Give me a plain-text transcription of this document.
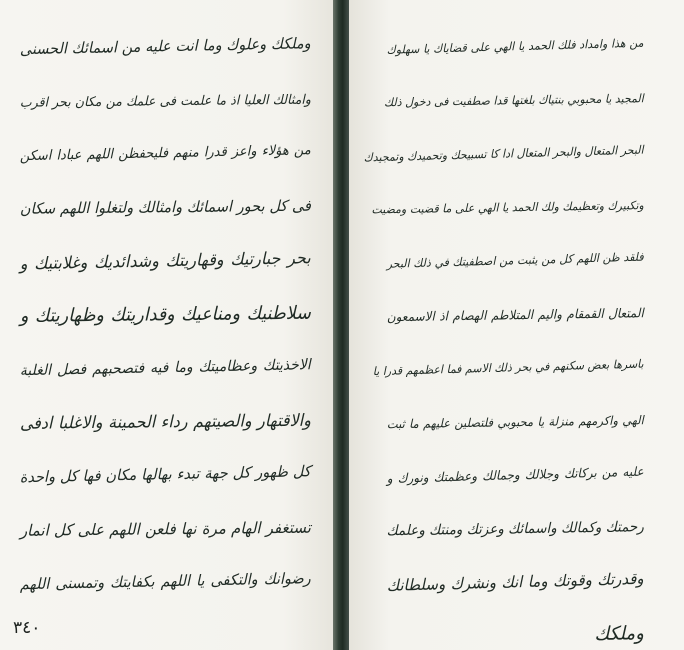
وملكك وعلوك وما انت عليه من اسمائك الحسنى
وامثالك العليا اذ ما علمت فى علمك من مكان بحر اقرب
من هؤلاء واعز قدرا منهم فليحفظن اللهم عبادا اسكن
فى كل بحور اسمائك وامثالك ولتغلوا اللهم سكان
بحر جبارتيك وقهاريتك وشدائديك وغلابتيك و
سلاطنيك ومناعيك وقداريتك وظهاريتك و
الاخذيتك وعظاميتك وما فيه فتصحبهم فصل الغلبة
والاقتهار والصيتهم رداء الحمينة والاغلبا ادفى
كل ظهور كل جهة تبدء بهالها مكان فها كل واحدة
تستغفر الهام مرة نها فلعن اللهم على كل انمار
رضوانك والتكفى يا اللهم بكفايتك وتمسنى اللهم
٣٤٠
من هذا وامداد فلك الحمد يا الهي على قضاياك يا سهلوك
المجيد يا محبوبي بنتياك بلغتها قدا صطفيت فى دخول ذلك
البحر المتعال والبحر المتعال ادا كا تسبيحك وتحميدك وتمجيدك
وتكبيرك وتعظيمك ولك الحمد يا الهي على ما قضيت ومضيت
فلقد ظن اللهم كل من يثبت من اصطفيتك في ذلك البحر
المتعال القمقام واليم المتلاطم الهصام اذ الاسمعون
باسرها بعض سكنهم في بحر ذلك الاسم فما اعظمهم قدرا يا
الهي واكرمهم منزلة يا محبوبي فلتصلين عليهم ما ثبت
عليه من بركاتك وجلالك وجمالك وعظمتك ونورك و
رحمتك وكمالك واسمائك وعزتك ومنتك وعلمك
وقدرتك وقوتك وما انك ونشرك وسلطانك
وملكك
